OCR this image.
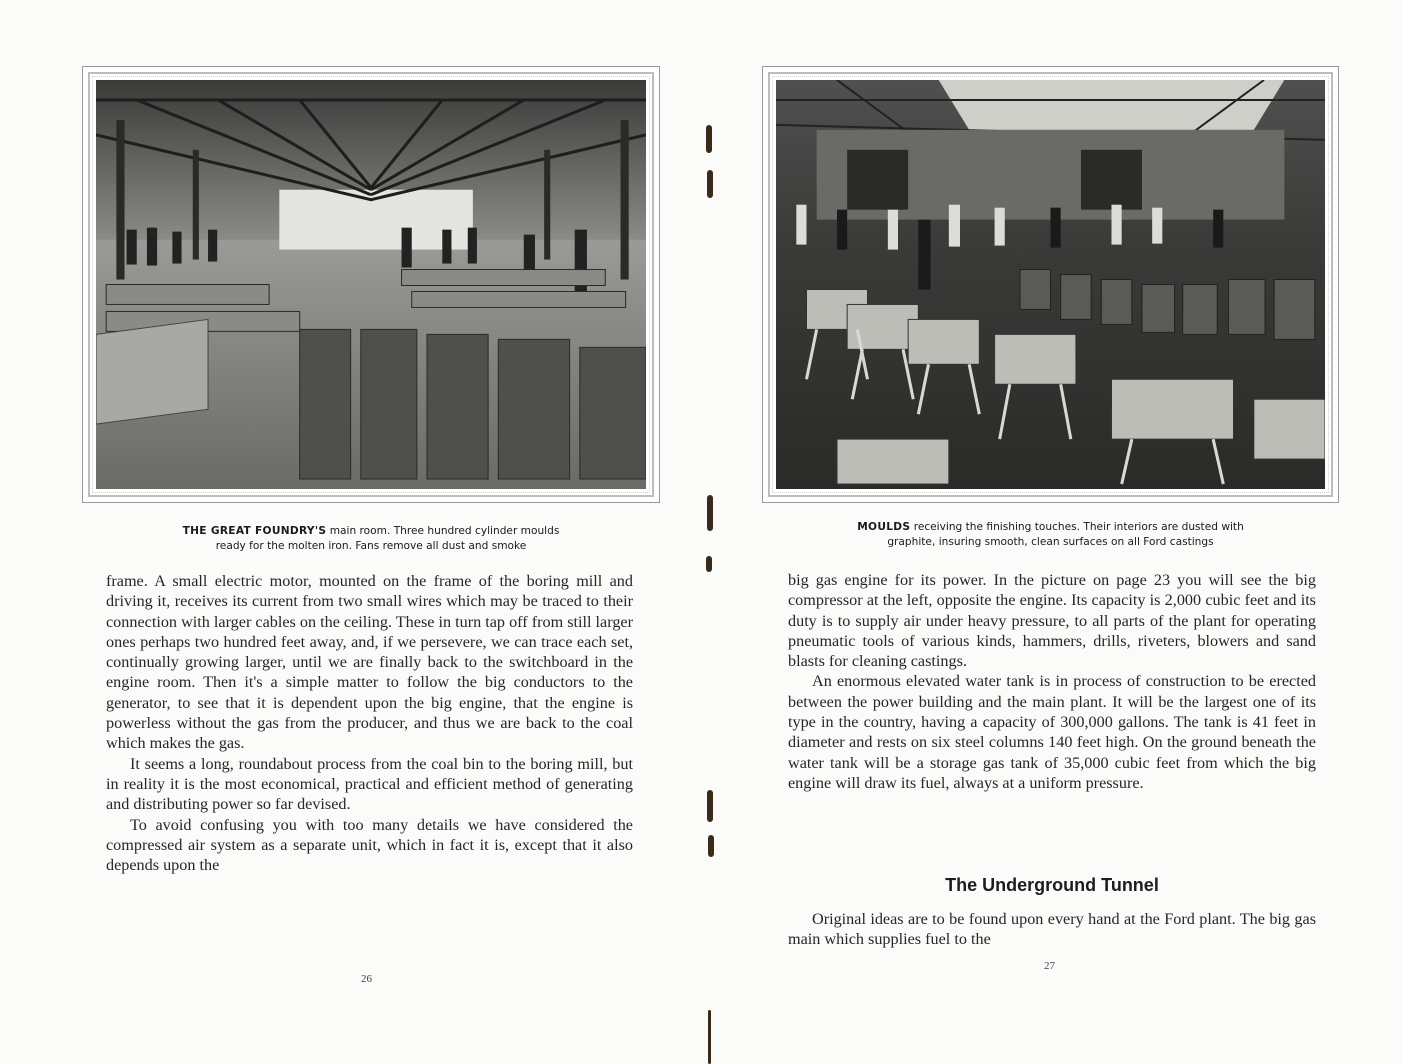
THE GREAT FOUNDRY'S main room. Three hundred cylinder moulds
ready for the molten iron. Fans remove all dust and smoke

frame. A small electric motor, mounted on the frame of the boring mill and driving it, receives its current from two small wires which may be traced to their connection with larger cables on the ceiling. These in turn tap off from still larger ones perhaps two hundred feet away, and, if we persevere, we can trace each set, continually growing larger, until we are finally back to the switchboard in the engine room. Then it's a simple matter to follow the big conductors to the generator, to see that it is dependent upon the big engine, that the engine is powerless without the gas from the producer, and thus we are back to the coal which makes the gas.

It seems a long, roundabout process from the coal bin to the boring mill, but in reality it is the most economical, practical and efficient method of generating and distributing power so far devised.

To avoid confusing you with too many details we have considered the compressed air system as a separate unit, which in fact it is, except that it also depends upon the

26
MOULDS receiving the finishing touches. Their interiors are dusted with
graphite, insuring smooth, clean surfaces on all Ford castings

big gas engine for its power. In the picture on page 23 you will see the big compressor at the left, opposite the engine. Its capacity is 2,000 cubic feet and its duty is to supply air under heavy pressure, to all parts of the plant for operating pneumatic tools of various kinds, hammers, drills, riveters, blowers and sand blasts for cleaning castings.

An enormous elevated water tank is in process of construction to be erected between the power building and the main plant. It will be the largest one of its type in the country, having a capacity of 300,000 gallons. The tank is 41 feet in diameter and rests on six steel columns 140 feet high. On the ground beneath the water tank will be a storage gas tank of 35,000 cubic feet from which the big engine will draw its fuel, always at a uniform pressure.

The Underground Tunnel

Original ideas are to be found upon every hand at the Ford plant. The big gas main which supplies fuel to the

27
